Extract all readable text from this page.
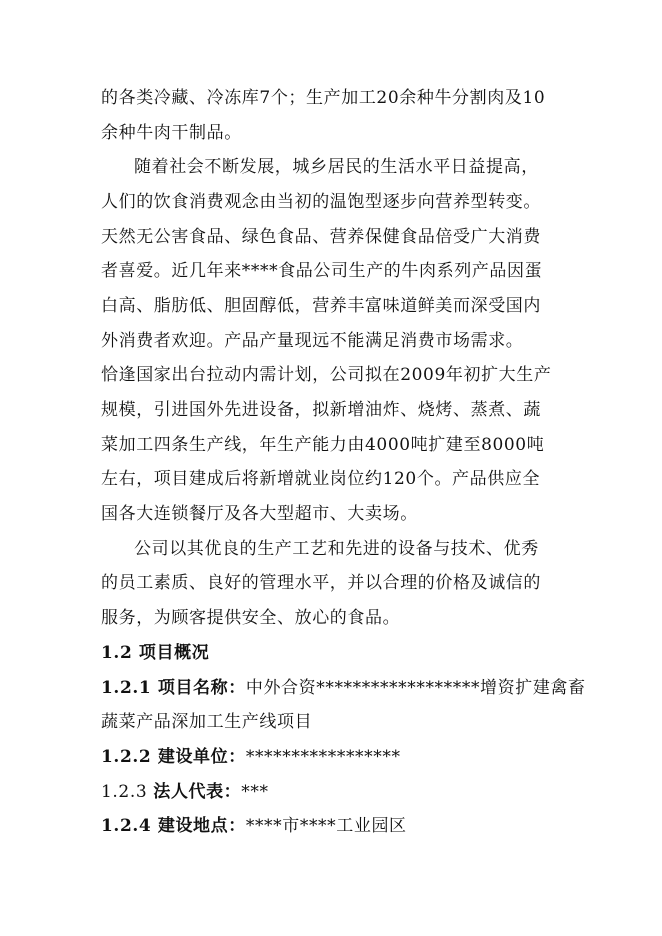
的各类冷藏、冷冻库7个；生产加工20余种牛分割肉及10
余种牛肉干制品。
随着社会不断发展，城乡居民的生活水平日益提高，
人们的饮食消费观念由当初的温饱型逐步向营养型转变。
天然无公害食品、绿色食品、营养保健食品倍受广大消费
者喜爱。近几年来****食品公司生产的牛肉系列产品因蛋
白高、脂肪低、胆固醇低，营养丰富味道鲜美而深受国内
外消费者欢迎。产品产量现远不能满足消费市场需求。
恰逢国家出台拉动内需计划，公司拟在2009年初扩大生产
规模，引进国外先进设备，拟新增油炸、烧烤、蒸煮、蔬
菜加工四条生产线，年生产能力由4000吨扩建至8000吨
左右，项目建成后将新增就业岗位约120个。产品供应全
国各大连锁餐厅及各大型超市、大卖场。
公司以其优良的生产工艺和先进的设备与技术、优秀
的员工素质、良好的管理水平，并以合理的价格及诚信的
服务，为顾客提供安全、放心的食品。
1.2 项目概况
1.2.1 项目名称：中外合资******************增资扩建禽畜
蔬菜产品深加工生产线项目
1.2.2 建设单位：*****************
1.2.3 法人代表：***
1.2.4 建设地点：****市****工业园区
